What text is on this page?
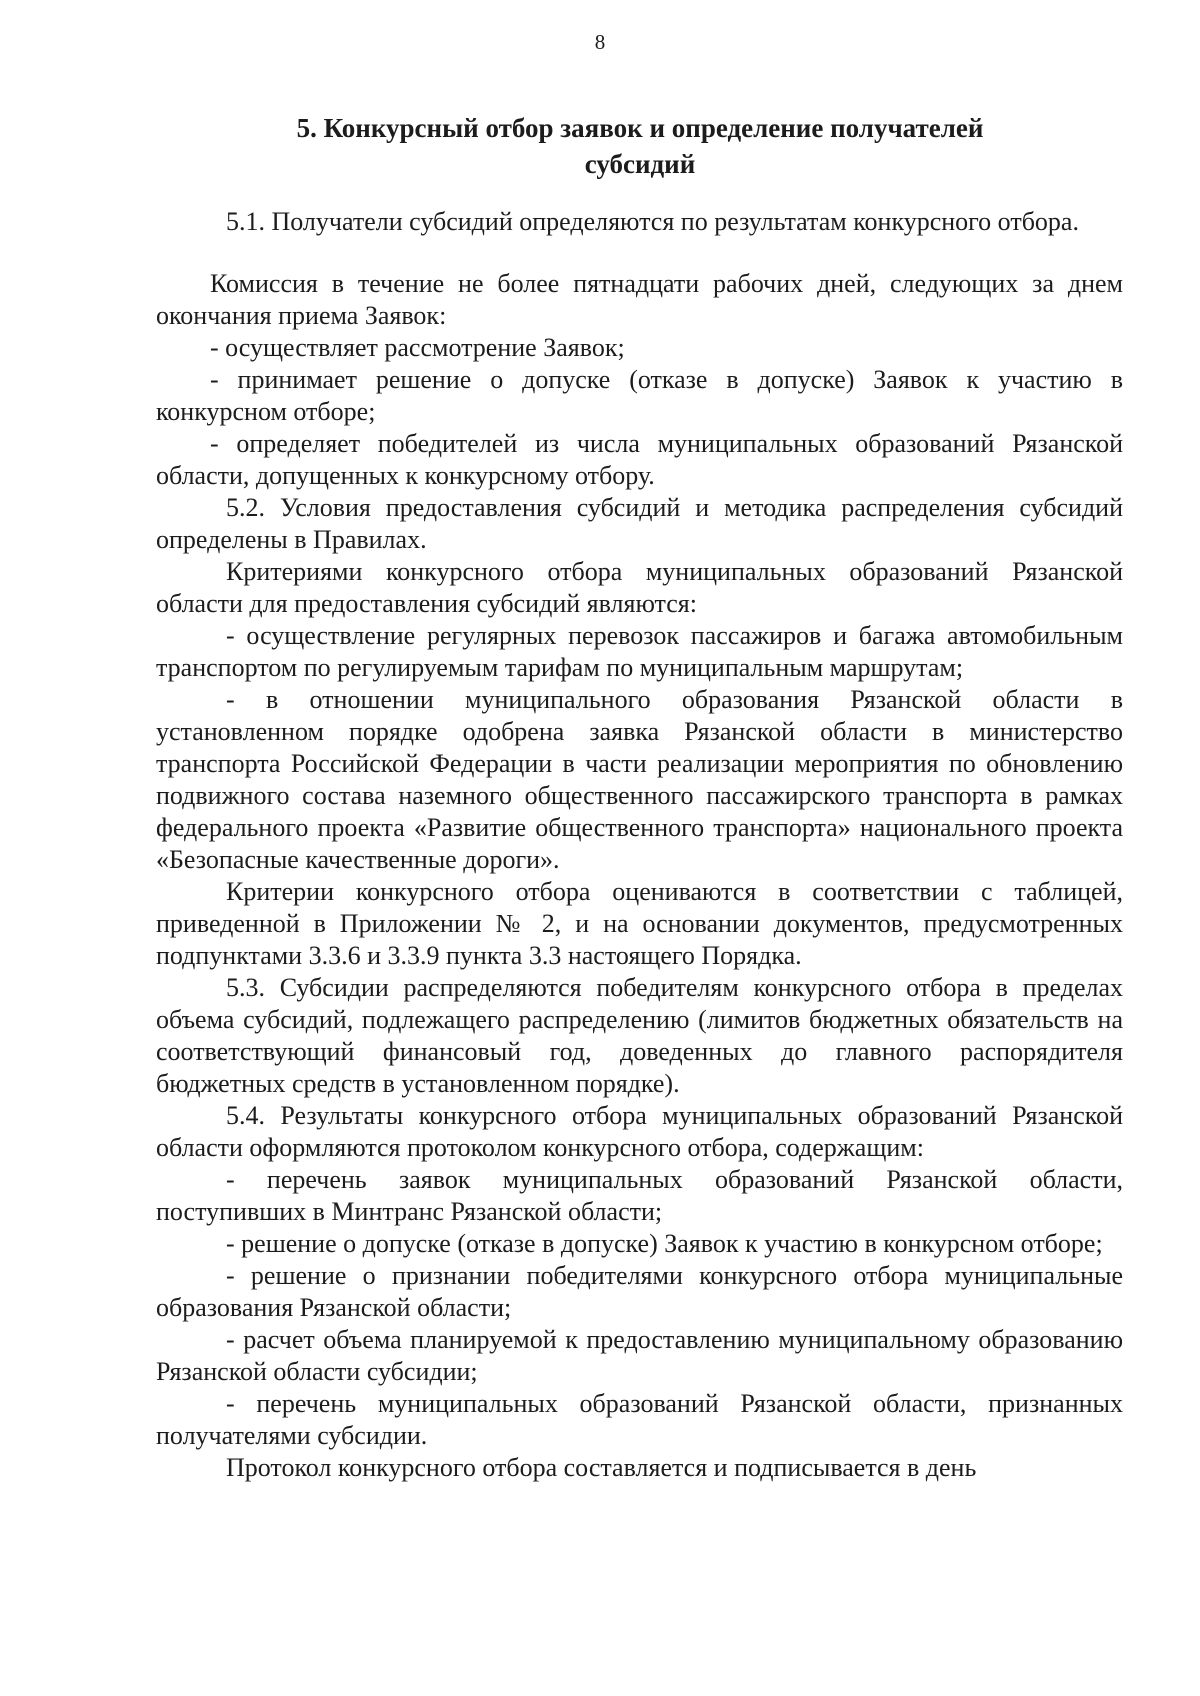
8
5. Конкурсный отбор заявок и определение получателей
субсидий

5.1. Получатели субсидий определяются по результатам конкурсного отбора.

Комиссия в течение не более пятнадцати рабочих дней, следующих за днем окончания приема Заявок:

- осуществляет рассмотрение Заявок;

- принимает решение о допуске (отказе в допуске) Заявок к участию в конкурсном отборе;

- определяет победителей из числа муниципальных образований Рязанской области, допущенных к конкурсному отбору.

5.2. Условия предоставления субсидий и методика распределения субсидий определены в Правилах.

Критериями конкурсного отбора муниципальных образований Рязанской области для предоставления субсидий являются:

- осуществление регулярных перевозок пассажиров и багажа автомобильным транспортом по регулируемым тарифам по муниципальным маршрутам;

- в отношении муниципального образования Рязанской области в установленном порядке одобрена заявка Рязанской области в министерство транспорта Российской Федерации в части реализации мероприятия по обновлению подвижного состава наземного общественного пассажирского транспорта в рамках федерального проекта «Развитие общественного транспорта» национального проекта «Безопасные качественные дороги».

Критерии конкурсного отбора оцениваются в соответствии с таблицей, приведенной в Приложении № 2, и на основании документов, предусмотренных подпунктами 3.3.6 и 3.3.9 пункта 3.3 настоящего Порядка.

5.3. Субсидии распределяются победителям конкурсного отбора в пределах объема субсидий, подлежащего распределению (лимитов бюджетных обязательств на соответствующий финансовый год, доведенных до главного распорядителя бюджетных средств в установленном порядке).

5.4. Результаты конкурсного отбора муниципальных образований Рязанской области оформляются протоколом конкурсного отбора, содержащим:

- перечень заявок муниципальных образований Рязанской области, поступивших в Минтранс Рязанской области;

- решение о допуске (отказе в допуске) Заявок к участию в конкурсном отборе;

- решение о признании победителями конкурсного отбора муниципальные образования Рязанской области;

- расчет объема планируемой к предоставлению муниципальному образованию Рязанской области субсидии;

- перечень муниципальных образований Рязанской области, признанных получателями субсидии.

Протокол конкурсного отбора составляется и подписывается в день
